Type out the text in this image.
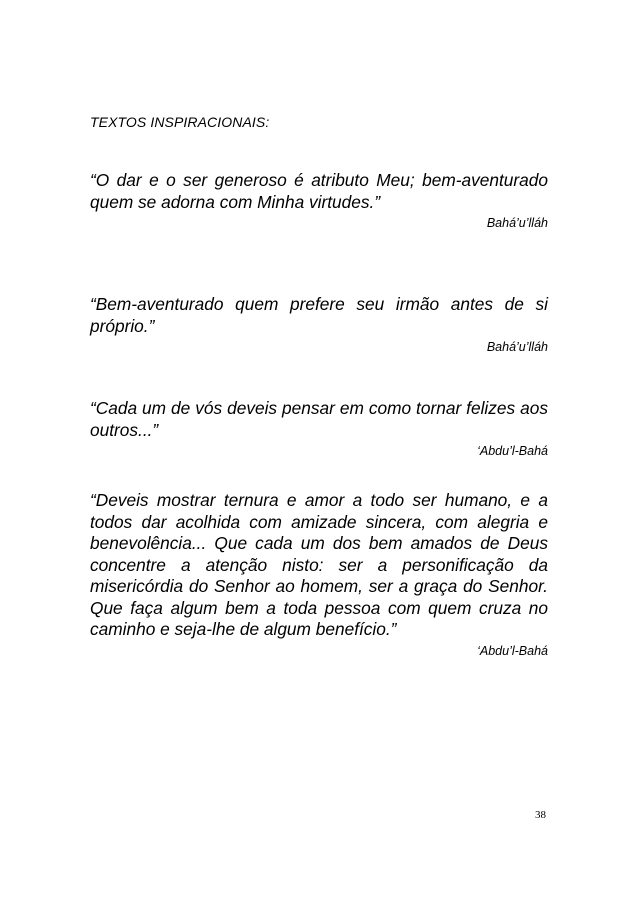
TEXTOS INSPIRACIONAIS:

“O dar e o ser generoso é atributo Meu; bem-aventurado quem se adorna com Minha virtudes.”

Bahá’u’lláh

“Bem-aventurado quem prefere seu irmão antes de si próprio.”

Bahá’u’lláh

“Cada um de vós deveis pensar em como tornar felizes aos outros...”

‘Abdu’l-Bahá

“Deveis mostrar ternura e amor a todo ser humano, e a todos dar acolhida com amizade sincera, com alegria e benevolência... Que cada um dos bem amados de Deus concentre a atenção nisto: ser a personificação da misericórdia do Senhor ao homem, ser a graça do Senhor. Que faça algum bem a toda pessoa com quem cruza no caminho e seja-lhe de algum benefício.”

‘Abdu’l-Bahá

38
